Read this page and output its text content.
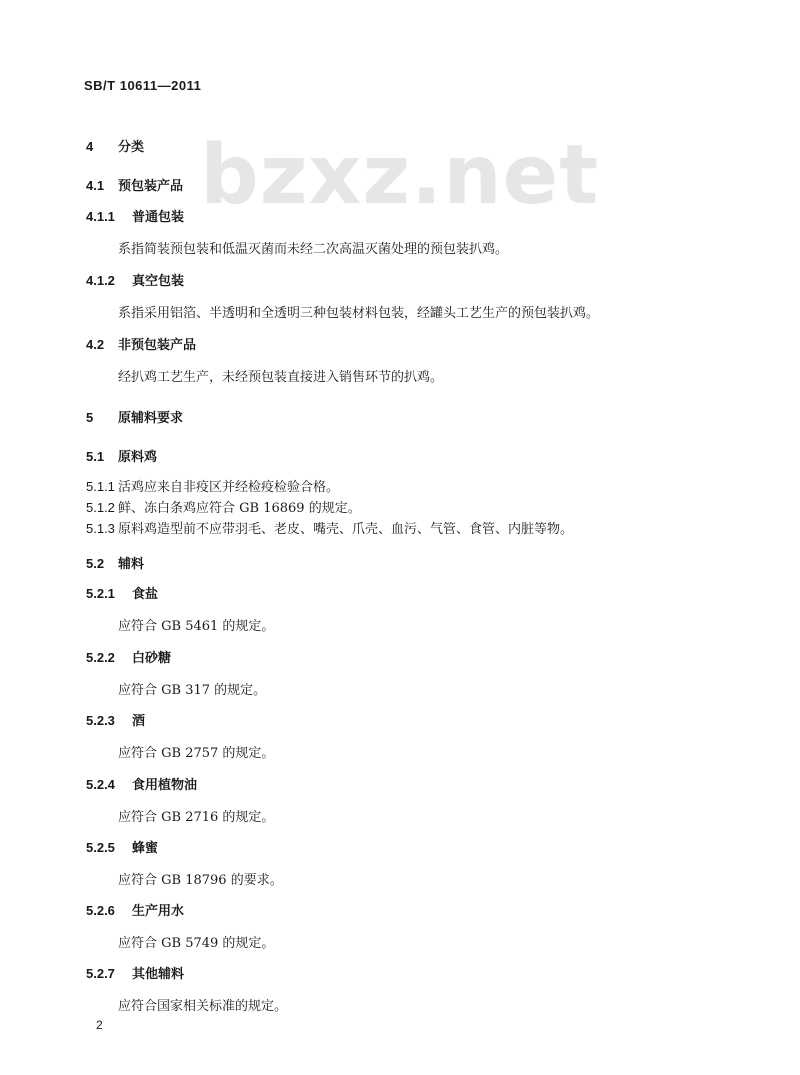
SB/T 10611—2011
bzxz.net
4 分类
4.1 预包装产品
4.1.1 普通包装
系指简装预包装和低温灭菌而未经二次高温灭菌处理的预包装扒鸡。
4.1.2 真空包装
系指采用铝箔、半透明和全透明三种包装材料包装，经罐头工艺生产的预包装扒鸡。
4.2 非预包装产品
经扒鸡工艺生产，未经预包装直接进入销售环节的扒鸡。
5 原辅料要求
5.1 原料鸡
5.1.1 活鸡应来自非疫区并经检疫检验合格。
5.1.2 鲜、冻白条鸡应符合 GB 16869 的规定。
5.1.3 原料鸡造型前不应带羽毛、老皮、嘴壳、爪壳、血污、气管、食管、内脏等物。
5.2 辅料
5.2.1 食盐
应符合 GB 5461 的规定。
5.2.2 白砂糖
应符合 GB 317 的规定。
5.2.3 酒
应符合 GB 2757 的规定。
5.2.4 食用植物油
应符合 GB 2716 的规定。
5.2.5 蜂蜜
应符合 GB 18796 的要求。
5.2.6 生产用水
应符合 GB 5749 的规定。
5.2.7 其他辅料
应符合国家相关标准的规定。
2
